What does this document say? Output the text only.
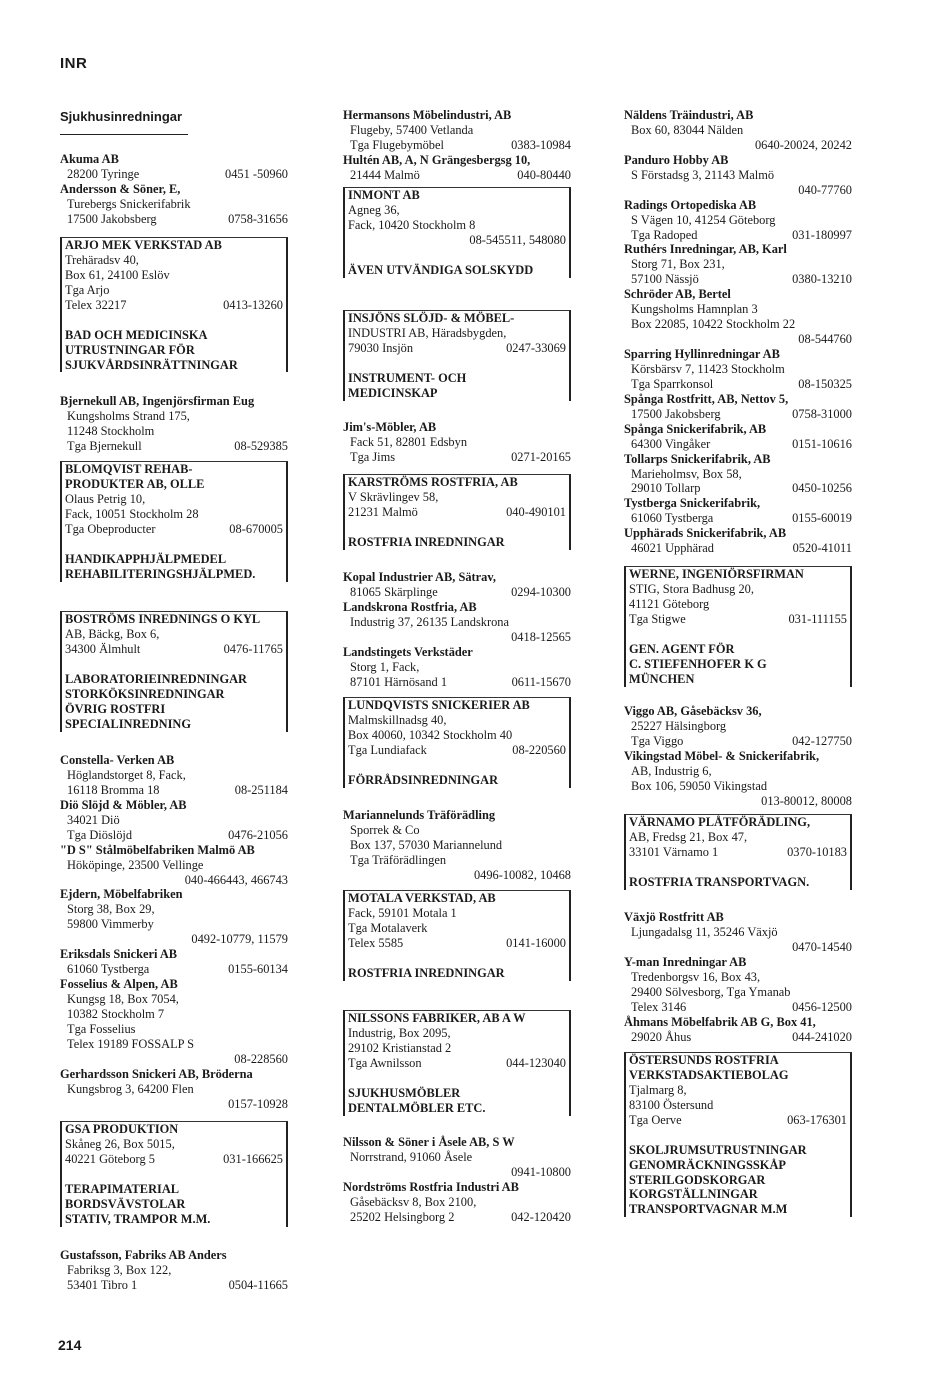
INR
Sjukhusinredningar
Akuma AB
28200 Tyringe	0451 -50960
Andersson & Söner, E,
Turebergs Snickerifabrik
17500 Jakobsberg	0758-31656
ARJO MEK VERKSTAD AB
Trehäradsv 40,
Box 61, 24100 Eslöv
Tga Arjo
Telex 32217	0413-13260
BAD OCH MEDICINSKA
UTRUSTNINGAR FÖR
SJUKVÅRDSINRÄTTNINGAR
Bjernekull AB, Ingenjörsfirman Eug
Kungsholms Strand 175,
11248 Stockholm
Tga Bjernekull	08-529385
BLOMQVIST REHAB-
PRODUKTER AB, OLLE
Olaus Petrig 10,
Fack, 10051 Stockholm 28
Tga Obeproducter	08-670005
HANDIKAPPHJÄLPMEDEL
REHABILITERINGSHJÄLPMED.
BOSTRÖMS INREDNINGS O KYL
AB, Bäckg, Box 6,
34300 Älmhult	0476-11765
LABORATORIEINREDNINGAR
STORKÖKSINREDNINGAR
ÖVRIG ROSTFRI
SPECIALINREDNING
Constella- Verken AB
Höglandstorget 8, Fack,
16118 Bromma 18	08-251184
Diö Slöjd & Möbler, AB
34021 Diö
Tga Diöslöjd	0476-21056
"D S" Stålmöbelfabriken Malmö AB
Hököpinge, 23500 Vellinge
040-466443, 466743
Ejdern, Möbelfabriken
Storg 38, Box 29,
59800 Vimmerby
0492-10779, 11579
Eriksdals Snickeri AB
61060 Tystberga	0155-60134
Fosselius & Alpen, AB
Kungsg 18, Box 7054,
10382 Stockholm 7
Tga Fosselius
Telex 19189 FOSSALP S
08-228560
Gerhardsson Snickeri AB, Bröderna
Kungsbrog 3, 64200 Flen
0157-10928
GSA PRODUKTION
Skåneg 26, Box 5015,
40221 Göteborg 5	031-166625
TERAPIMATERIAL
BORDSVÄVSTOLAR
STATIV, TRAMPOR M.M.
Gustafsson, Fabriks AB Anders
Fabriksg 3, Box 122,
53401 Tibro 1	0504-11665
Hermansons Möbelindustri, AB
Flugeby, 57400 Vetlanda
Tga Flugebymöbel	0383-10984
Hultén AB, A, N Grängesbergsg 10,
21444 Malmö	040-80440
INMONT AB
Agneg 36,
Fack, 10420 Stockholm 8
08-545511, 548080
ÄVEN UTVÄNDIGA SOLSKYDD
INSJÖNS SLÖJD- & MÖBEL-
INDUSTRI AB, Häradsbygden,
79030 Insjön	0247-33069
INSTRUMENT- OCH
MEDICINSKAP
Jim's-Möbler, AB
Fack 51, 82801 Edsbyn
Tga Jims	0271-20165
KARSTRÖMS ROSTFRIA, AB
V Skrävlingev 58,
21231 Malmö	040-490101
ROSTFRIA INREDNINGAR
Kopal Industrier AB, Sätrav,
81065 Skärplinge	0294-10300
Landskrona Rostfria, AB
Industrig 37, 26135 Landskrona
0418-12565
Landstingets Verkstäder
Storg 1, Fack,
87101 Härnösand 1	0611-15670
LUNDQVISTS SNICKERIER AB
Malmskillnadsg 40,
Box 40060, 10342 Stockholm 40
Tga Lundiafack	08-220560
FÖRRÅDSINREDNINGAR
Mariannelunds Träförädling
Sporrek & Co
Box 137, 57030 Mariannelund
Tga Träförädlingen
0496-10082, 10468
MOTALA VERKSTAD, AB
Fack, 59101 Motala 1
Tga Motalaverk
Telex 5585	0141-16000
ROSTFRIA INREDNINGAR
NILSSONS FABRIKER, AB A W
Industrig, Box 2095,
29102 Kristianstad 2
Tga Awnilsson	044-123040
SJUKHUSMÖBLER
DENTALMÖBLER ETC.
Nilsson & Söner i Åsele AB, S W
Norrstrand, 91060 Åsele
0941-10800
Nordströms Rostfria Industri AB
Gåsebäcksv 8, Box 2100,
25202 Helsingborg 2	042-120420
Näldens Träindustri, AB
Box 60, 83044 Nälden
0640-20024, 20242
Panduro Hobby AB
S Förstadsg 3, 21143 Malmö
040-77760
Radings Ortopediska AB
S Vägen 10, 41254 Göteborg
Tga Radoped	031-180997
Ruthérs Inredningar, AB, Karl
Storg 71, Box 231,
57100 Nässjö	0380-13210
Schröder AB, Bertel
Kungsholms Hamnplan 3
Box 22085, 10422 Stockholm 22
08-544760
Sparring Hyllinredningar AB
Körsbärsv 7, 11423 Stockholm
Tga Sparrkonsol	08-150325
Spånga Rostfritt, AB, Nettov 5,
17500 Jakobsberg	0758-31000
Spånga Snickerifabrik, AB
64300 Vingåker	0151-10616
Tollarps Snickerifabrik, AB
Marieholmsv, Box 58,
29010 Tollarp	0450-10256
Tystberga Snickerifabrik,
61060 Tystberga	0155-60019
Upphärads Snickerifabrik, AB
46021 Upphärad	0520-41011
WERNE, INGENIÖRSFIRMAN
STIG, Stora Badhusg 20,
41121 Göteborg
Tga Stigwe	031-111155
GEN. AGENT FÖR
C. STIEFENHOFER K G
MÜNCHEN
Viggo AB, Gåsebäcksv 36,
25227 Hälsingborg
Tga Viggo	042-127750
Vikingstad Möbel- & Snickerifabrik,
AB, Industrig 6,
Box 106, 59050 Vikingstad
013-80012, 80008
VÄRNAMO PLÅTFÖRÄDLING,
AB, Fredsg 21, Box 47,
33101 Värnamo 1	0370-10183
ROSTFRIA TRANSPORTVAGN.
Växjö Rostfritt AB
Ljungadalsg 11, 35246 Växjö
0470-14540
Y-man Inredningar AB
Tredenborgsv 16, Box 43,
29400 Sölvesborg, Tga Ymanab
Telex 3146	0456-12500
Åhmans Möbelfabrik AB G, Box 41,
29020 Åhus	044-241020
ÖSTERSUNDS ROSTFRIA
VERKSTADSAKTIEBOLAG
Tjalmarg 8,
83100 Östersund
Tga Oerve	063-176301
SKOLJRUMSUTRUSTNINGAR
GENOMRÄCKNINGSSKÅP
STERILGODSKORGAR
KORGSTÄLLNINGAR
TRANSPORTVAGNAR M.M
214
